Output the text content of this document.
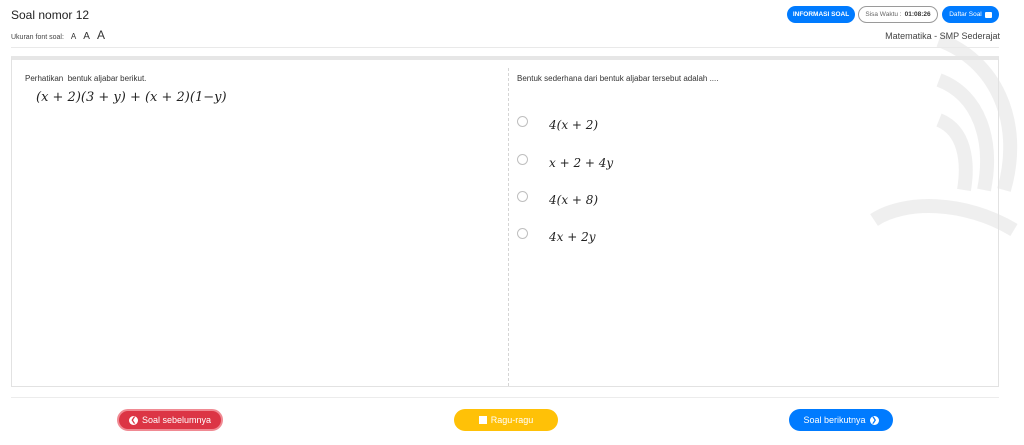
Soal nomor 12
Ukuran font soal: A A A
INFORMASI SOAL	Sisa Waktu : 01:08:26	Daftar Soal
Matematika - SMP Sederajat
Perhatikan  bentuk aljabar berikut.
(x + 2)(3 + y) + (x + 2)(1−y)
Bentuk sederhana dari bentuk aljabar tersebut adalah ....
4(x + 2)
x + 2 + 4y
4(x + 8)
4x + 2y
❮ Soal sebelumnya	Ragu-ragu	Soal berikutnya ❯
